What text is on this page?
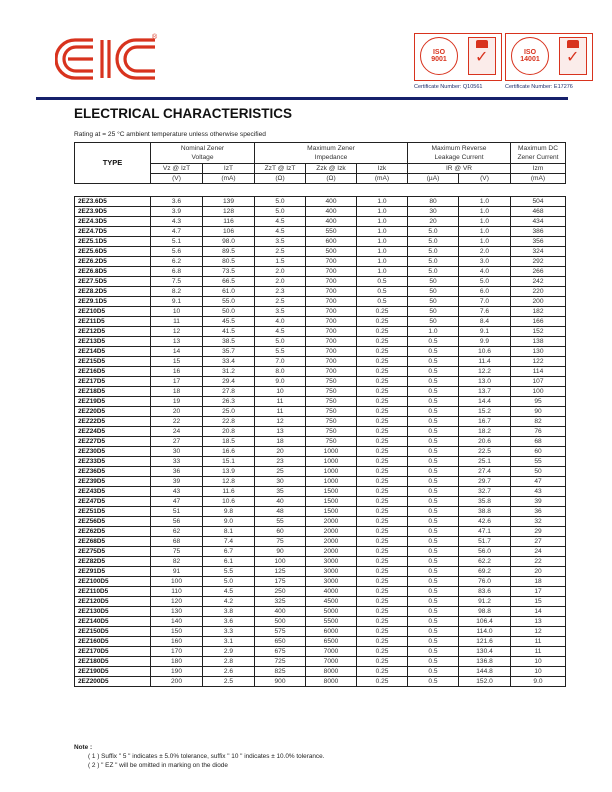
®
ISO
9001 ✓
Certificate Number: Q10561
ISO
14001 ✓
Certificate Number: E17276
ELECTRICAL CHARACTERISTICS
Rating at = 25 °C ambient temperature unless otherwise specified
TYPE	Nominal Zener
Voltage		Maximum Zener
Impedance			Maximum Reverse
Leakage Current		Maximum DC
Zener Current
	Vz @ IzT	IzT	ZzT @ IzT	Zzk @ Izk	Izk	IR @ VR		Izm
	(V)	(mA)	(Ω)	(Ω)	(mA)	(µA)	(V)	(mA)
2EZ3.6D5	3.6	139	5.0	400	1.0	80	1.0	504
2EZ3.9D5	3.9	128	5.0	400	1.0	30	1.0	468
2EZ4.3D5	4.3	116	4.5	400	1.0	20	1.0	434
2EZ4.7D5	4.7	106	4.5	550	1.0	5.0	1.0	386
2EZ5.1D5	5.1	98.0	3.5	600	1.0	5.0	1.0	356
2EZ5.6D5	5.6	89.5	2.5	500	1.0	5.0	2.0	324
2EZ6.2D5	6.2	80.5	1.5	700	1.0	5.0	3.0	292
2EZ6.8D5	6.8	73.5	2.0	700	1.0	5.0	4.0	266
2EZ7.5D5	7.5	66.5	2.0	700	0.5	50	5.0	242
2EZ8.2D5	8.2	61.0	2.3	700	0.5	50	6.0	220
2EZ9.1D5	9.1	55.0	2.5	700	0.5	50	7.0	200
2EZ10D5	10	50.0	3.5	700	0.25	50	7.6	182
2EZ11D5	11	45.5	4.0	700	0.25	50	8.4	166
2EZ12D5	12	41.5	4.5	700	0.25	1.0	9.1	152
2EZ13D5	13	38.5	5.0	700	0.25	0.5	9.9	138
2EZ14D5	14	35.7	5.5	700	0.25	0.5	10.6	130
2EZ15D5	15	33.4	7.0	700	0.25	0.5	11.4	122
2EZ16D5	16	31.2	8.0	700	0.25	0.5	12.2	114
2EZ17D5	17	29.4	9.0	750	0.25	0.5	13.0	107
2EZ18D5	18	27.8	10	750	0.25	0.5	13.7	100
2EZ19D5	19	26.3	11	750	0.25	0.5	14.4	95
2EZ20D5	20	25.0	11	750	0.25	0.5	15.2	90
2EZ22D5	22	22.8	12	750	0.25	0.5	16.7	82
2EZ24D5	24	20.8	13	750	0.25	0.5	18.2	76
2EZ27D5	27	18.5	18	750	0.25	0.5	20.6	68
2EZ30D5	30	16.6	20	1000	0.25	0.5	22.5	60
2EZ33D5	33	15.1	23	1000	0.25	0.5	25.1	55
2EZ36D5	36	13.9	25	1000	0.25	0.5	27.4	50
2EZ39D5	39	12.8	30	1000	0.25	0.5	29.7	47
2EZ43D5	43	11.6	35	1500	0.25	0.5	32.7	43
2EZ47D5	47	10.6	40	1500	0.25	0.5	35.8	39
2EZ51D5	51	9.8	48	1500	0.25	0.5	38.8	36
2EZ56D5	56	9.0	55	2000	0.25	0.5	42.6	32
2EZ62D5	62	8.1	60	2000	0.25	0.5	47.1	29
2EZ68D5	68	7.4	75	2000	0.25	0.5	51.7	27
2EZ75D5	75	6.7	90	2000	0.25	0.5	56.0	24
2EZ82D5	82	6.1	100	3000	0.25	0.5	62.2	22
2EZ91D5	91	5.5	125	3000	0.25	0.5	69.2	20
2EZ100D5	100	5.0	175	3000	0.25	0.5	76.0	18
2EZ110D5	110	4.5	250	4000	0.25	0.5	83.6	17
2EZ120D5	120	4.2	325	4500	0.25	0.5	91.2	15
2EZ130D5	130	3.8	400	5000	0.25	0.5	98.8	14
2EZ140D5	140	3.6	500	5500	0.25	0.5	106.4	13
2EZ150D5	150	3.3	575	6000	0.25	0.5	114.0	12
2EZ160D5	160	3.1	650	6500	0.25	0.5	121.6	11
2EZ170D5	170	2.9	675	7000	0.25	0.5	130.4	11
2EZ180D5	180	2.8	725	7000	0.25	0.5	136.8	10
2EZ190D5	190	2.6	825	8000	0.25	0.5	144.8	10
2EZ200D5	200	2.5	900	8000	0.25	0.5	152.0	9.0
Note :
( 1 ) Suffix " 5 " indicates ± 5.0% tolerance, suffix " 10 " indicates ± 10.0% tolerance.
( 2 ) " EZ " will be omitted in marking on the diode
